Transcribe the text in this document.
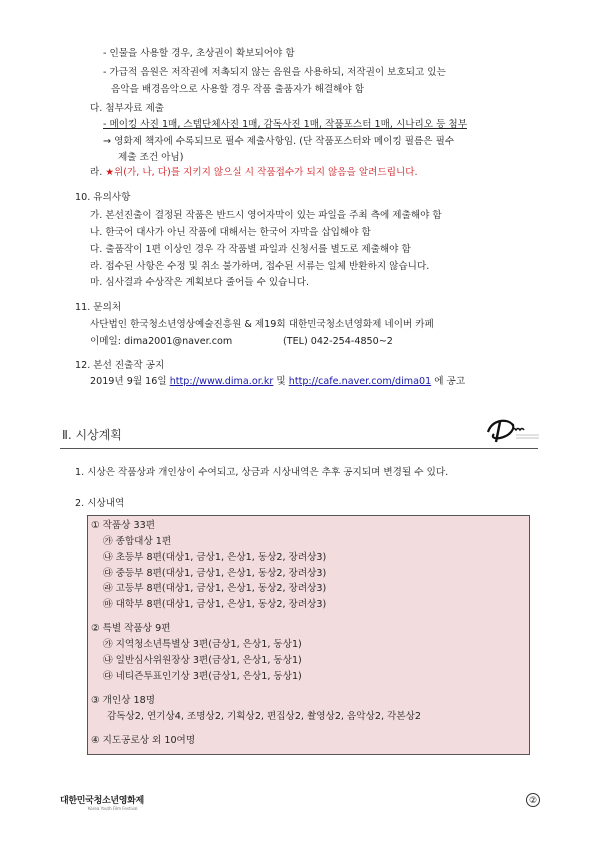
- 인물을 사용할 경우, 초상권이 확보되어야 함
- 가급적 음원은 저작권에 저촉되지 않는 음원을 사용하되, 저작권이 보호되고 있는
음악을 배경음악으로 사용할 경우 작품 출품자가 해결해야 함
다. 첨부자료 제출
- 메이킹 사진 1매, 스텝단체사진 1매, 감독사진 1매, 작품포스터 1매, 시나리오 등 첨부
→ 영화제 책자에 수록되므로 필수 제출사항임. (단 작품포스터와 메이킹 필름은 필수
제출 조건 아님)
라. ★위(가, 나, 다)를 지키지 않으실 시 작품접수가 되지 않음을 알려드립니다.
10. 유의사항
가. 본선진출이 결정된 작품은 반드시 영어자막이 있는 파일을 주최 측에 제출해야 함
나. 한국어 대사가 아닌 작품에 대해서는 한국어 자막을 삽입해야 함
다. 출품작이 1편 이상인 경우 각 작품별 파일과 신청서를 별도로 제출해야 함
라. 접수된 사항은 수정 및 취소 불가하며, 접수된 서류는 일체 반환하지 않습니다.
마. 심사결과 수상작은 계획보다 줄어들 수 있습니다.
11. 문의처
사단법인 한국청소년영상예술진흥원 & 제19회 대한민국청소년영화제 네이버 카페
이메일: dima2001@naver.com	(TEL) 042-254-4850~2
12. 본선 진출작 공지
2019년 9월 16일 http://www.dima.or.kr 및 http://cafe.naver.com/dima01 에 공고
Ⅱ. 시상계획
1. 시상은 작품상과 개인상이 수여되고, 상금과 시상내역은 추후 공지되며 변경될 수 있다.
2. 시상내역
① 작품상 33편
㉮ 종합대상 1편
㉯ 초등부 8편(대상1, 금상1, 은상1, 동상2, 장려상3)
㉰ 중등부 8편(대상1, 금상1, 은상1, 동상2, 장려상3)
㉱ 고등부 8편(대상1, 금상1, 은상1, 동상2, 장려상3)
㉲ 대학부 8편(대상1, 금상1, 은상1, 동상2, 장려상3)
② 특별 작품상 9편
㉮ 지역청소년특별상 3편(금상1, 은상1, 동상1)
㉯ 일반심사위원장상 3편(금상1, 은상1, 동상1)
㉰ 네티즌투표인기상 3편(금상1, 은상1, 동상1)
③ 개인상 18명
감독상2, 연기상4, 조명상2, 기획상2, 편집상2, 촬영상2, 음악상2, 각본상2
④ 지도공로상 외 10여명
대한민국청소년영화제
Korea Youth Film Festival
②
